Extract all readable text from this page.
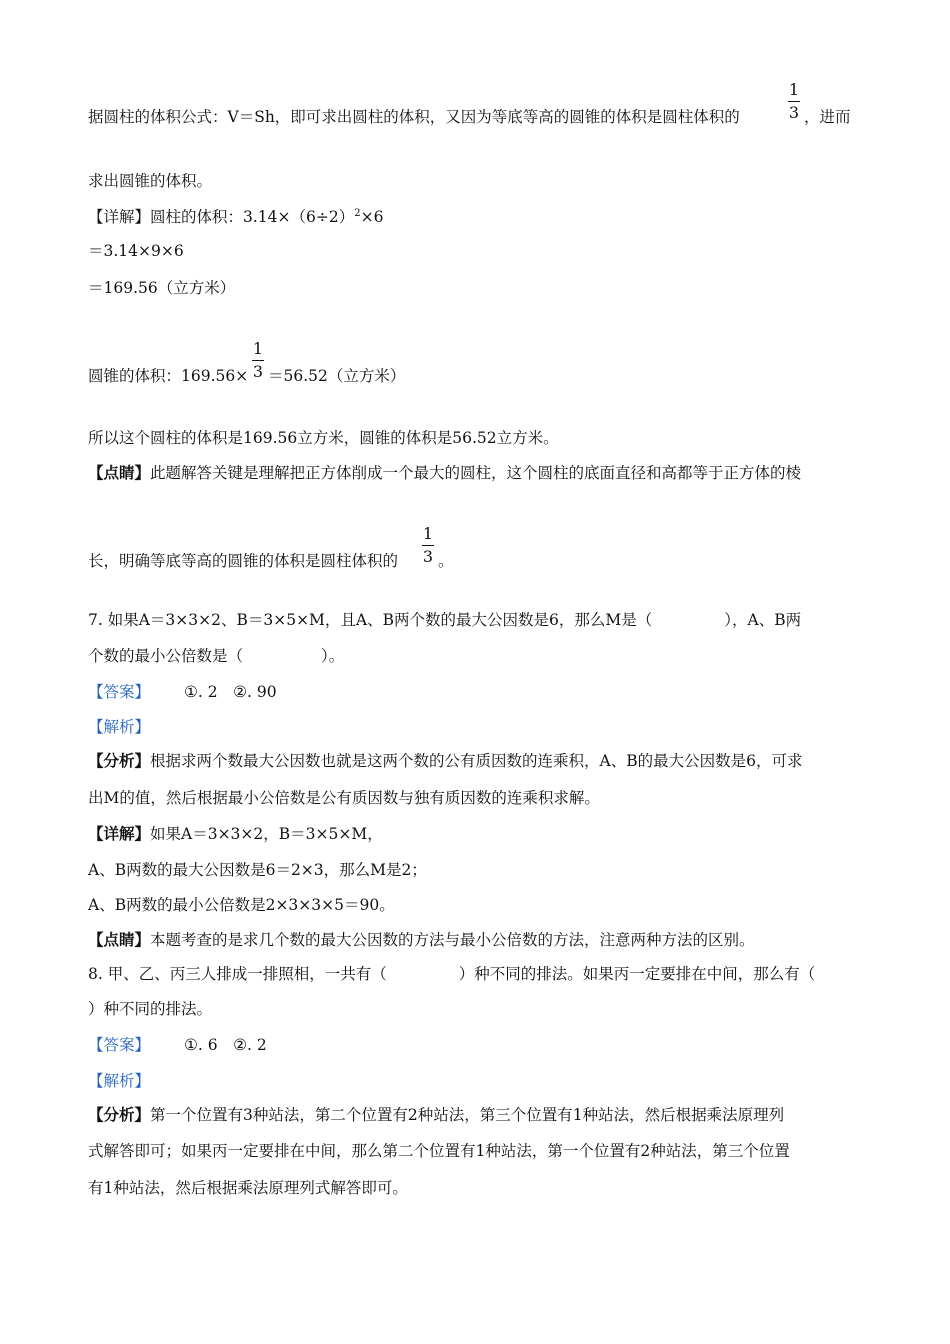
据圆柱的体积公式：V＝Sh，即可求出圆柱的体积，又因为等底等高的圆锥的体积是圆柱体积的
1
3 ，进而
求出圆锥的体积。
【详解】圆柱的体积：$3.14\times(6\div 2)^2\times 6$
＝3.14×9×6
＝169.56（立方米）
圆锥的体积：169.56×
1
3 ＝56.52（立方米）
所以这个圆柱的体积是169.56立方米，圆锥的体积是56.52立方米。
【点睛】此题解答关键是理解把正方体削成一个最大的圆柱，这个圆柱的底面直径和高都等于正方体的棱
长，明确等底等高的圆锥的体积是圆柱体积的
1
3 。
7. 如果A＝3×3×2、B＝3×5×M，且A、B两个数的最大公因数是6，那么M是（	），A、B两
个数的最小公倍数是（	）。
【答案】 ①. 2　②. 90
【解析】
【分析】根据求两个数最大公因数也就是这两个数的公有质因数的连乘积，A、B的最大公因数是6，可求
出M的值，然后根据最小公倍数是公有质因数与独有质因数的连乘积求解。
【详解】如果A＝3×3×2，B＝3×5×M，
A、B两数的最大公因数是6＝2×3，那么M是2；
A、B两数的最小公倍数是2×3×3×5＝90。
【点睛】本题考查的是求几个数的最大公因数的方法与最小公倍数的方法，注意两种方法的区别。
8. 甲、乙、丙三人排成一排照相，一共有（	）种不同的排法。如果丙一定要排在中间，那么有（
）种不同的排法。
【答案】 ①. 6　②. 2
【解析】
【分析】第一个位置有3种站法，第二个位置有2种站法，第三个位置有1种站法，然后根据乘法原理列
式解答即可；如果丙一定要排在中间，那么第二个位置有1种站法，第一个位置有2种站法，第三个位置
有1种站法，然后根据乘法原理列式解答即可。
